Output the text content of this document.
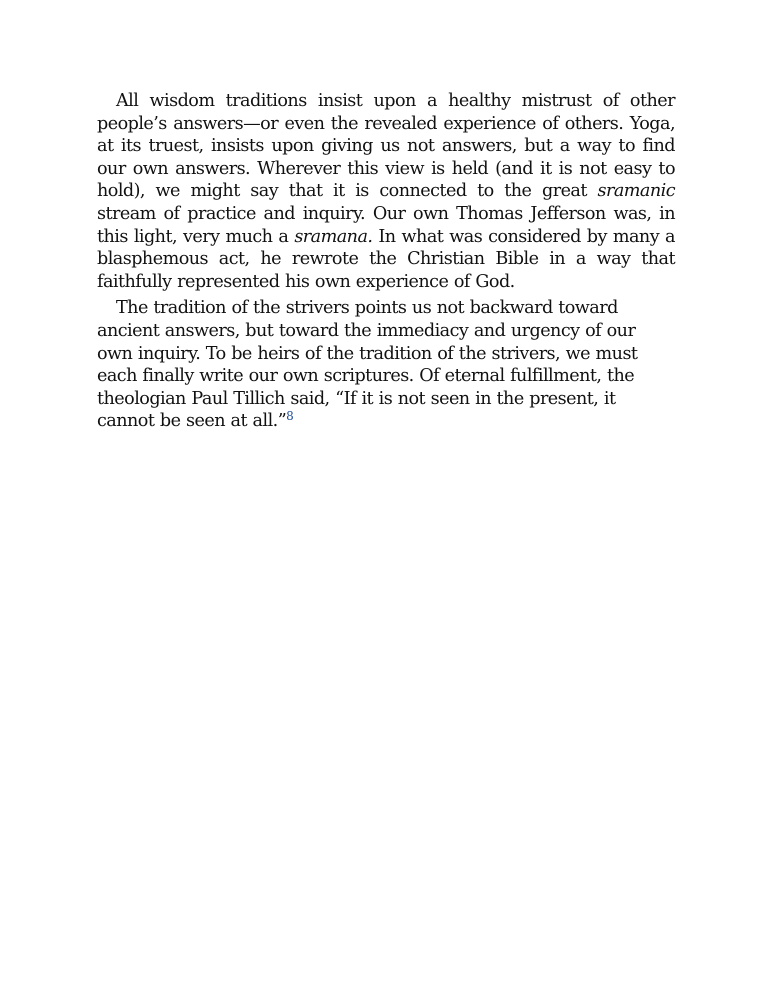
All wisdom traditions insist upon a healthy mistrust of other people’s answers—or even the revealed experience of others. Yoga, at its truest, insists upon giving us not answers, but a way to find our own answers. Wherever this view is held (and it is not easy to hold), we might say that it is connected to the great sramanic stream of practice and inquiry. Our own Thomas Jefferson was, in this light, very much a sramana. In what was considered by many a blasphemous act, he rewrote the Christian Bible in a way that faithfully represented his own experience of God.

The tradition of the strivers points us not backward toward ancient answers, but toward the immediacy and urgency of our own inquiry. To be heirs of the tradition of the strivers, we must each finally write our own scriptures. Of eternal fulfillment, the theologian Paul Tillich said, “If it is not seen in the present, it cannot be seen at all.”$^8$
